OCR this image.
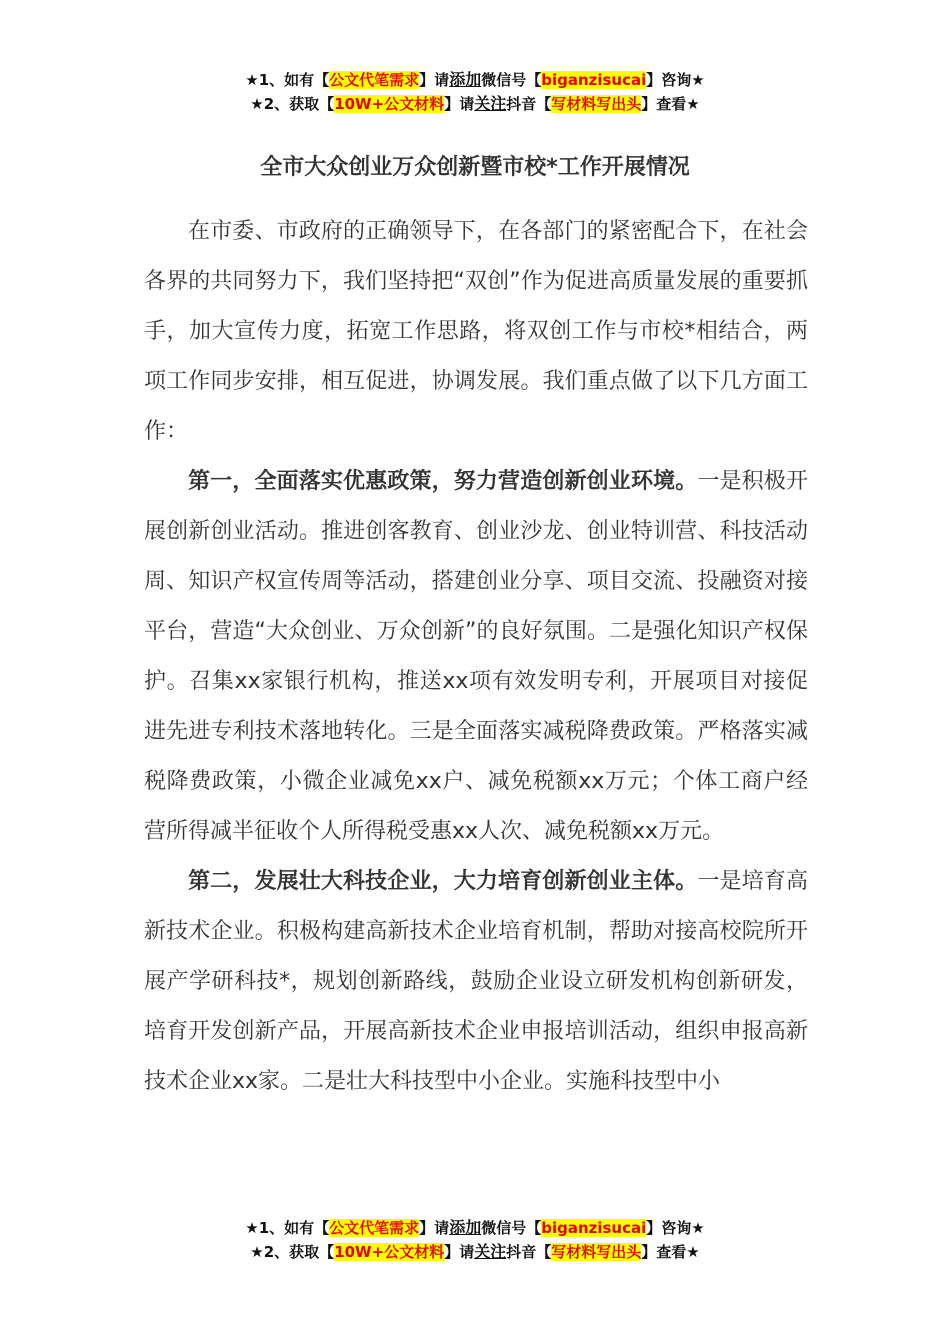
★1、如有【公文代笔需求】请添加微信号【biganzisucai】咨询★
★2、获取【10W+公文材料】请关注抖音【写材料写出头】查看★
全市大众创业万众创新暨市校*工作开展情况

在市委、市政府的正确领导下，在各部门的紧密配合下，在社会各界的共同努力下，我们坚持把“双创”作为促进高质量发展的重要抓手，加大宣传力度，拓宽工作思路，将双创工作与市校*相结合，两项工作同步安排，相互促进，协调发展。我们重点做了以下几方面工作：

第一，全面落实优惠政策，努力营造创新创业环境。一是积极开展创新创业活动。推进创客教育、创业沙龙、创业特训营、科技活动周、知识产权宣传周等活动，搭建创业分享、项目交流、投融资对接平台，营造“大众创业、万众创新”的良好氛围。二是强化知识产权保护。召集xx家银行机构，推送xx项有效发明专利，开展项目对接促进先进专利技术落地转化。三是全面落实减税降费政策。严格落实减税降费政策，小微企业减免xx户、减免税额xx万元；个体工商户经营所得减半征收个人所得税受惠xx人次、减免税额xx万元。

第二，发展壮大科技企业，大力培育创新创业主体。一是培育高新技术企业。积极构建高新技术企业培育机制，帮助对接高校院所开展产学研科技*，规划创新路线，鼓励企业设立研发机构创新研发，培育开发创新产品，开展高新技术企业申报培训活动，组织申报高新技术企业xx家。二是壮大科技型中小企业。实施科技型中小

★1、如有【公文代笔需求】请添加微信号【biganzisucai】咨询★
★2、获取【10W+公文材料】请关注抖音【写材料写出头】查看★
